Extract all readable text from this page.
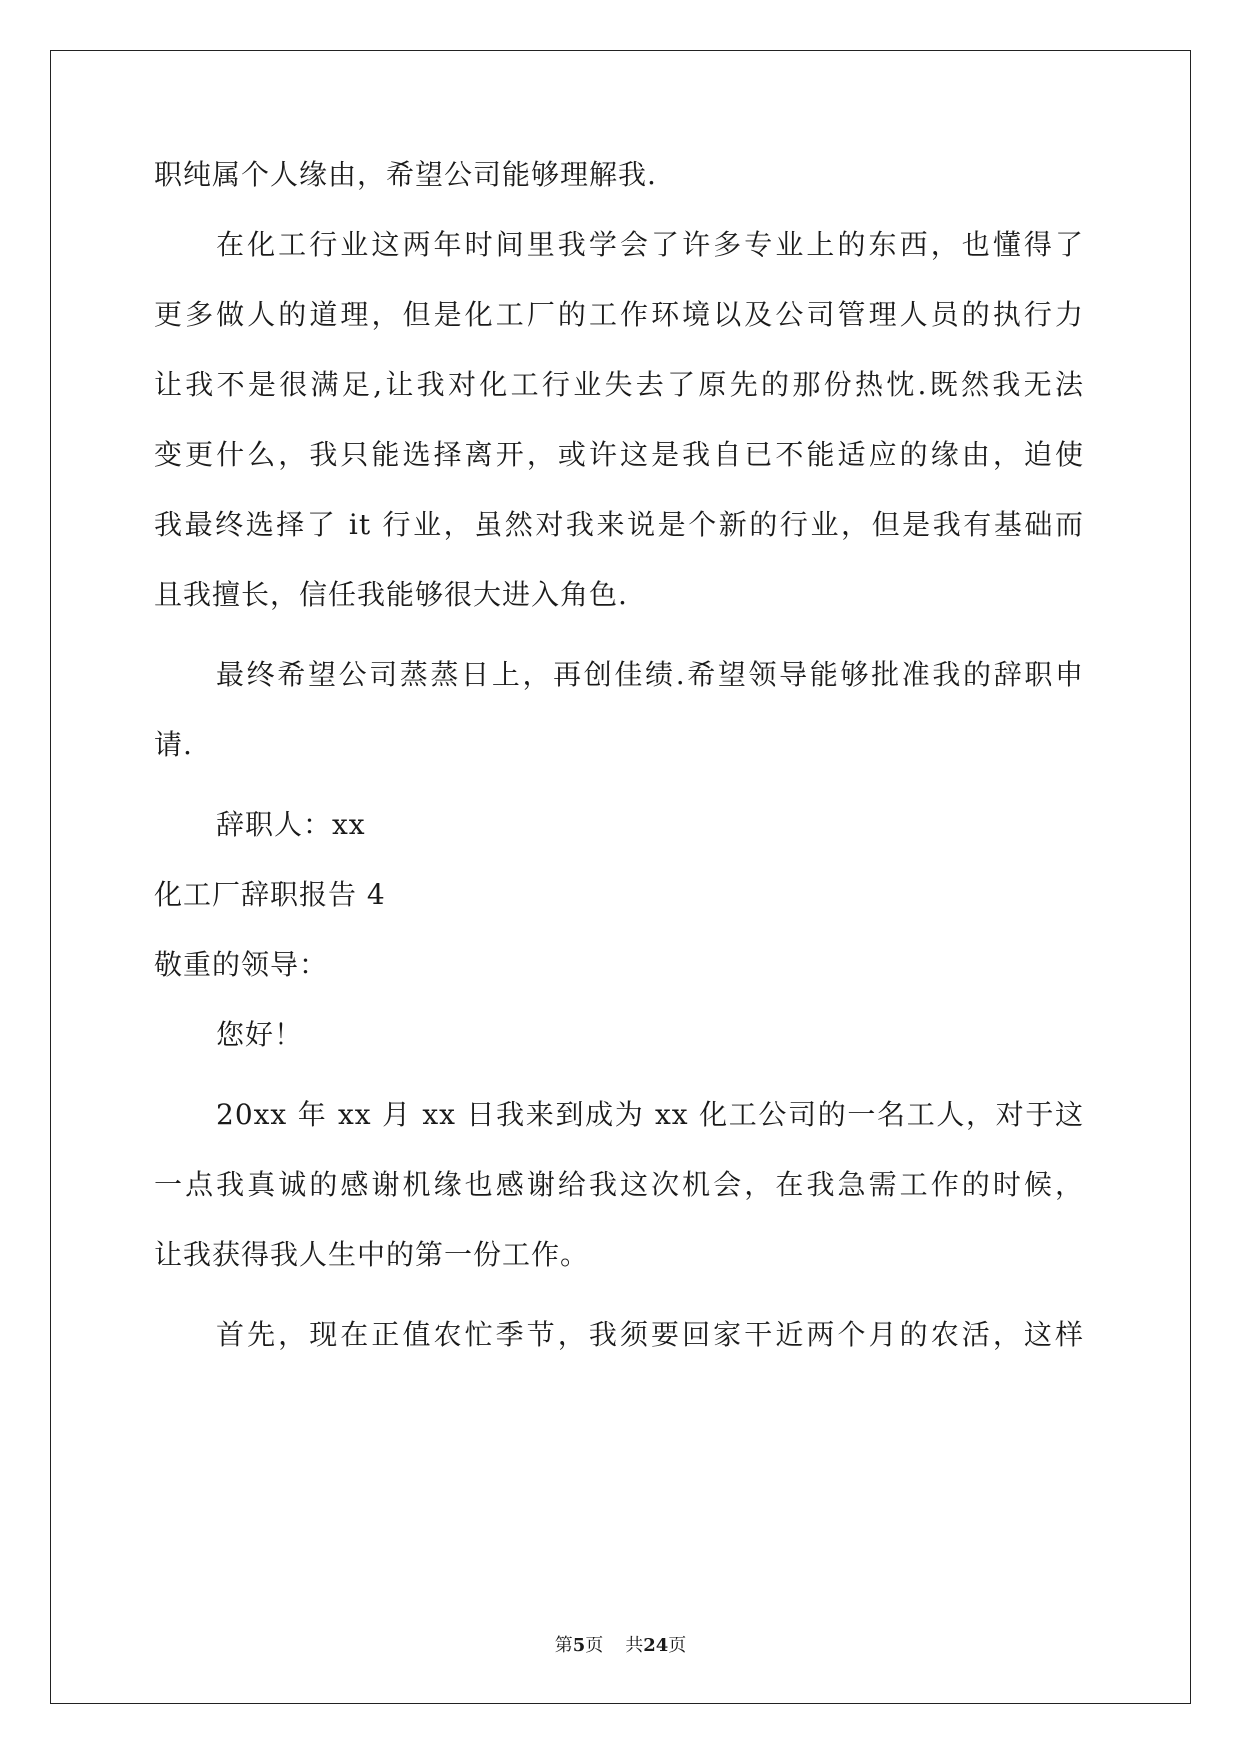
职纯属个人缘由，希望公司能够理解我.
在化工行业这两年时间里我学会了许多专业上的东西，也懂得了
更多做人的道理，但是化工厂的工作环境以及公司管理人员的执行力
让我不是很满足,让我对化工行业失去了原先的那份热忱.既然我无法
变更什么，我只能选择离开，或许这是我自已不能适应的缘由，迫使
我最终选择了 it 行业，虽然对我来说是个新的行业，但是我有基础而
且我擅长，信任我能够很大进入角色.
最终希望公司蒸蒸日上，再创佳绩.希望领导能够批准我的辞职申
请.
辞职人：xx
化工厂辞职报告 4
敬重的领导：
您好！
20xx 年 xx 月 xx 日我来到成为 xx 化工公司的一名工人，对于这
一点我真诚的感谢机缘也感谢给我这次机会，在我急需工作的时候，
让我获得我人生中的第一份工作。
首先，现在正值农忙季节，我须要回家干近两个月的农活，这样
第5页 共24页
